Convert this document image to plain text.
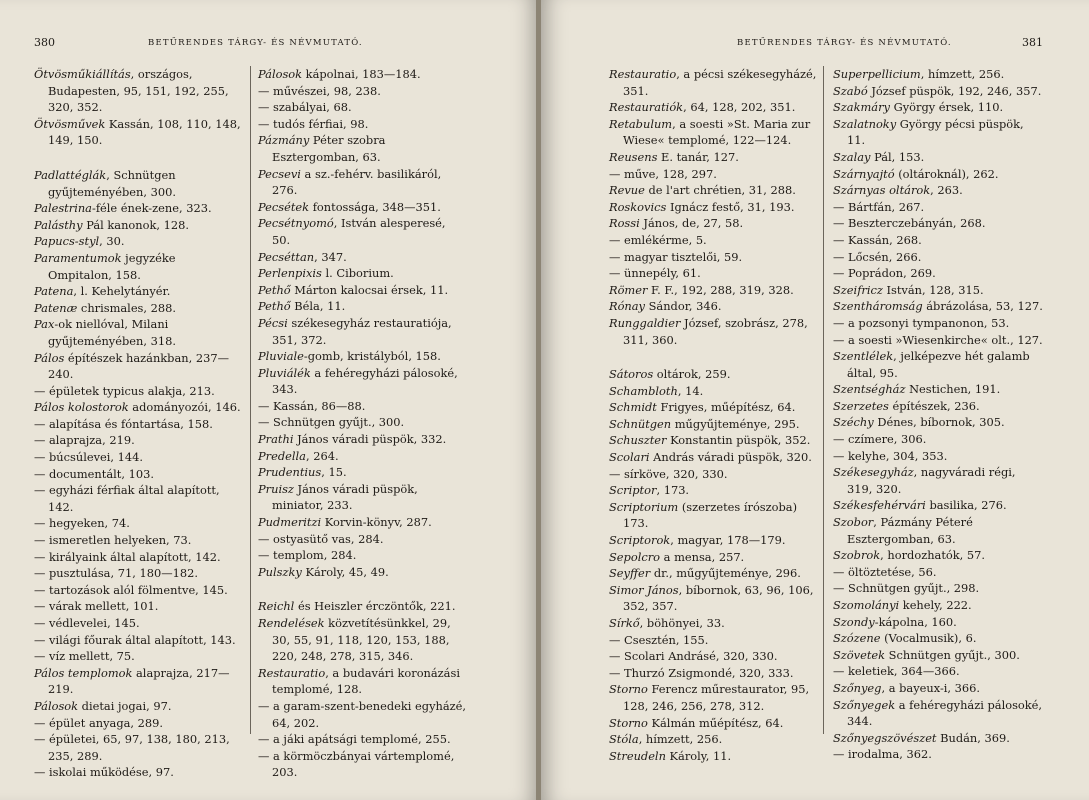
380	BETŰRENDES TÁRGY- ÉS NÉVMUTATÓ.

Ötvösműkiállítás, országos, Budapesten, 95, 151, 192, 255, 320, 352.

Ötvösművek Kassán, 108, 110, 148, 149, 150.

Padlattéglák, Schnütgen gyűjteményében, 300.

Palestrina-féle ének-zene, 323.

Palásthy Pál kanonok, 128.

Papucs-styl, 30.

Paramentumok jegyzéke Ompitalon, 158.

Patena, l. Kehelytányér.

Patenæ chrismales, 288.

Pax-ok niellóval, Milani gyűjteményében, 318.

Pálos építészek hazánkban, 237—240.

— épületek typicus alakja, 213.

Pálos kolostorok adományozói, 146.

— alapítása és fóntartása, 158.

— alaprajza, 219.

— búcsúlevei, 144.

— documentált, 103.

— egyházi férfiak által alapított, 142.

— hegyeken, 74.

— ismeretlen helyeken, 73.

— királyaink által alapított, 142.

— pusztulása, 71, 180—182.

— tartozások alól fölmentve, 145.

— várak mellett, 101.

— védlevelei, 145.

— világi főurak által alapított, 143.

— víz mellett, 75.

Pálos templomok alaprajza, 217—219.

Pálosok dietai jogai, 97.

— épület anyaga, 289.

— épületei, 65, 97, 138, 180, 213, 235, 289.

— iskolai működése, 97.

Pálosok kápolnai, 183—184.

— művészei, 98, 238.

— szabályai, 68.

— tudós férfiai, 98.

Pázmány Péter szobra Esztergomban, 63.

Pecsevi a sz.-fehérv. basilikáról, 276.

Pecsétek fontossága, 348—351.

Pecsétnyomó, István alesperesé, 50.

Pecséttan, 347.

Perlenpixis l. Ciborium.

Pethő Márton kalocsai érsek, 11.

Pethő Béla, 11.

Pécsi székesegyház restauratiója, 351, 372.

Pluviale-gomb, kristályból, 158.

Pluviálék a fehéregyházi pálosoké, 343.

— Kassán, 86—88.

— Schnütgen gyűjt., 300.

Prathi János váradi püspök, 332.

Predella, 264.

Prudentius, 15.

Pruisz János váradi püspök, miniator, 233.

Pudmeritzi Korvin-könyv, 287.

— ostyasütő vas, 284.

— templom, 284.

Pulszky Károly, 45, 49.

Reichl és Heiszler érczöntők, 221.

Rendelések közvetítésünkkel, 29, 30, 55, 91, 118, 120, 153, 188, 220, 248, 278, 315, 346.

Restauratio, a budavári koronázási templomé, 128.

— a garam-szent-benedeki egyházé, 64, 202.

— a jáki apátsági templomé, 255.

— a körmöczbányai vártemplomé, 203.

381
BETŰRENDES TÁRGY- ÉS NÉVMUTATÓ.

Restauratio, a pécsi székesegyházé, 351.

Restauratiók, 64, 128, 202, 351.

Retabulum, a soesti »St. Maria zur Wiese« templomé, 122—124.

Reusens E. tanár, 127.

— műve, 128, 297.

Revue de l'art chrétien, 31, 288.

Roskovics Ignácz festő, 31, 193.

Rossi János, de, 27, 58.

— emlékérme, 5.

— magyar tisztelői, 59.

— ünnepély, 61.

Römer F. F., 192, 288, 319, 328.

Rónay Sándor, 346.

Runggaldier József, szobrász, 278, 311, 360.

Sátoros oltárok, 259.

Schambloth, 14.

Schmidt Frigyes, műépítész, 64.

Schnütgen műgyűjteménye, 295.

Schuszter Konstantin püspök, 352.

Scolari András váradi püspök, 320.

— sírköve, 320, 330.

Scriptor, 173.

Scriptorium (szerzetes írószoba) 173.

Scriptorok, magyar, 178—179.

Sepolcro a mensa, 257.

Seyffer dr., műgyűjteménye, 296.

Simor János, bíbornok, 63, 96, 106, 352, 357.

Sírkő, böhönyei, 33.

— Csesztén, 155.

— Scolari Andrásé, 320, 330.

— Thurzó Zsigmondé, 320, 333.

Storno Ferencz műrestaurator, 95, 128, 246, 256, 278, 312.

Storno Kálmán műépítész, 64.

Stóla, hímzett, 256.

Streudeln Károly, 11.

Superpellicium, hímzett, 256.

Szabó József püspök, 192, 246, 357.

Szakmáry György érsek, 110.

Szalatnoky György pécsi püspök, 11.

Szalay Pál, 153.

Szárnyajtó (oltároknál), 262.

Szárnyas oltárok, 263.

— Bártfán, 267.

— Beszterczebányán, 268.

— Kassán, 268.

— Lőcsén, 266.

— Poprádon, 269.

Szeifricz István, 128, 315.

Szentháromság ábrázolása, 53, 127.

— a pozsonyi tympanonon, 53.

— a soesti »Wiesenkirche« olt., 127.

Szentlélek, jelképezve hét galamb által, 95.

Szentségház Nestichen, 191.

Szerzetes építészek, 236.

Széchy Dénes, bíbornok, 305.

— czímere, 306.

— kelyhe, 304, 353.

Székesegyház, nagyváradi régi, 319, 320.

Székesfehérvári basilika, 276.

Szobor, Pázmány Péteré Esztergomban, 63.

Szobrok, hordozhatók, 57.

— öltöztetése, 56.

— Schnütgen gyűjt., 298.

Szomolányi kehely, 222.

Szondy-kápolna, 160.

Szózene (Vocalmusik), 6.

Szövetek Schnütgen gyűjt., 300.

— keletiek, 364—366.

Szőnyeg, a bayeux-i, 366.

Szőnyegek a fehéregyházi pálosoké, 344.

Szőnyegszövészet Budán, 369.

— irodalma, 362.
